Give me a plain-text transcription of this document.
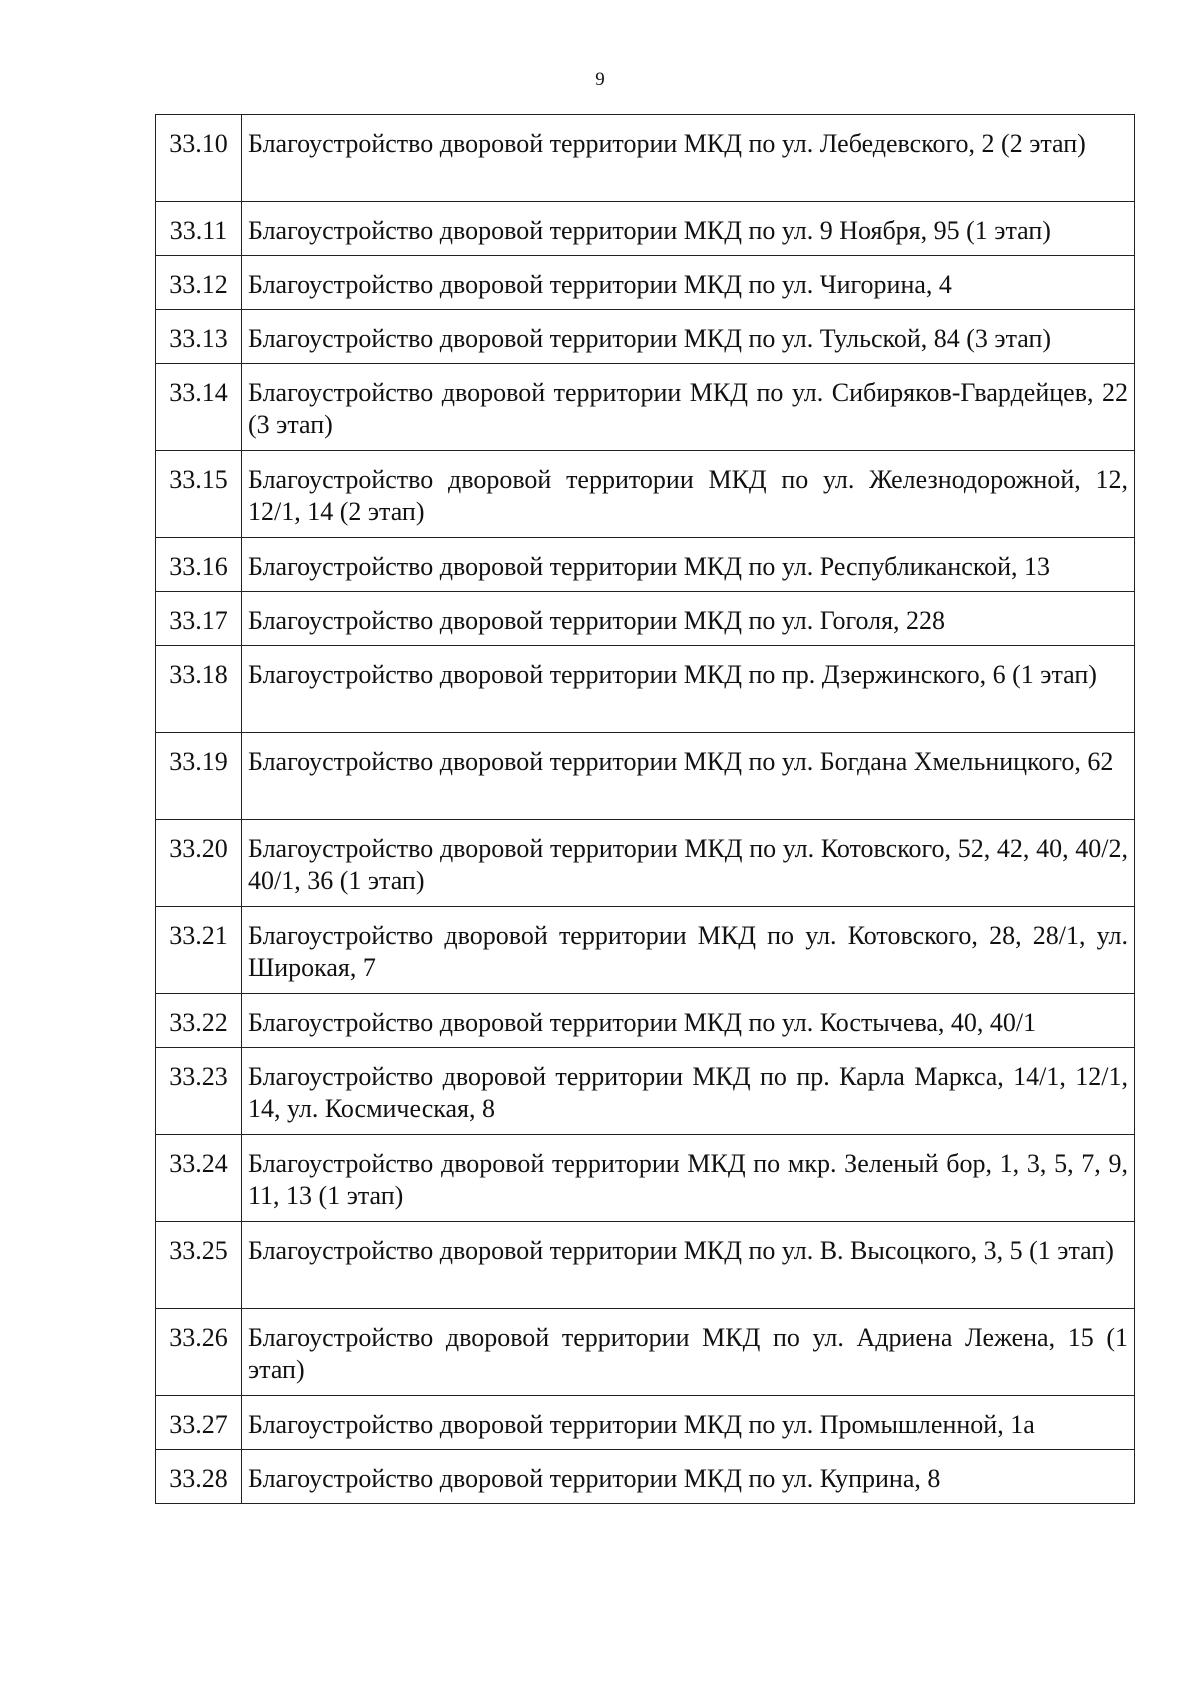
9
33.10	Благоустройство дворовой территории МКД по ул. Лебедевского, 2 (2 этап)
33.11	Благоустройство дворовой территории МКД по ул. 9 Ноября, 95 (1 этап)
33.12	Благоустройство дворовой территории МКД по ул. Чигорина, 4
33.13	Благоустройство дворовой территории МКД по ул. Тульской, 84 (3 этап)
33.14	Благоустройство дворовой территории МКД по ул. Сибиряков-Гвардейцев, 22 (3 этап)
33.15	Благоустройство дворовой территории МКД по ул. Железнодорожной, 12, 12/1, 14 (2 этап)
33.16	Благоустройство дворовой территории МКД по ул. Республиканской, 13
33.17	Благоустройство дворовой территории МКД по ул. Гоголя, 228
33.18	Благоустройство дворовой территории МКД по пр. Дзержинского, 6 (1 этап)
33.19	Благоустройство дворовой территории МКД по ул. Богдана Хмельницкого, 62
33.20	Благоустройство дворовой территории МКД по ул. Котовского, 52, 42, 40, 40/2, 40/1, 36 (1 этап)
33.21	Благоустройство дворовой территории МКД по ул. Котовского, 28, 28/1, ул. Широкая, 7
33.22	Благоустройство дворовой территории МКД по ул. Костычева, 40, 40/1
33.23	Благоустройство дворовой территории МКД по пр. Карла Маркса, 14/1, 12/1, 14, ул. Космическая, 8
33.24	Благоустройство дворовой территории МКД по мкр. Зеленый бор, 1, 3, 5, 7, 9, 11, 13 (1 этап)
33.25	Благоустройство дворовой территории МКД по ул. В. Высоцкого, 3, 5 (1 этап)
33.26	Благоустройство дворовой территории МКД по ул. Адриена Лежена, 15 (1 этап)
33.27	Благоустройство дворовой территории МКД по ул. Промышленной, 1а
33.28	Благоустройство дворовой территории МКД по ул. Куприна, 8
